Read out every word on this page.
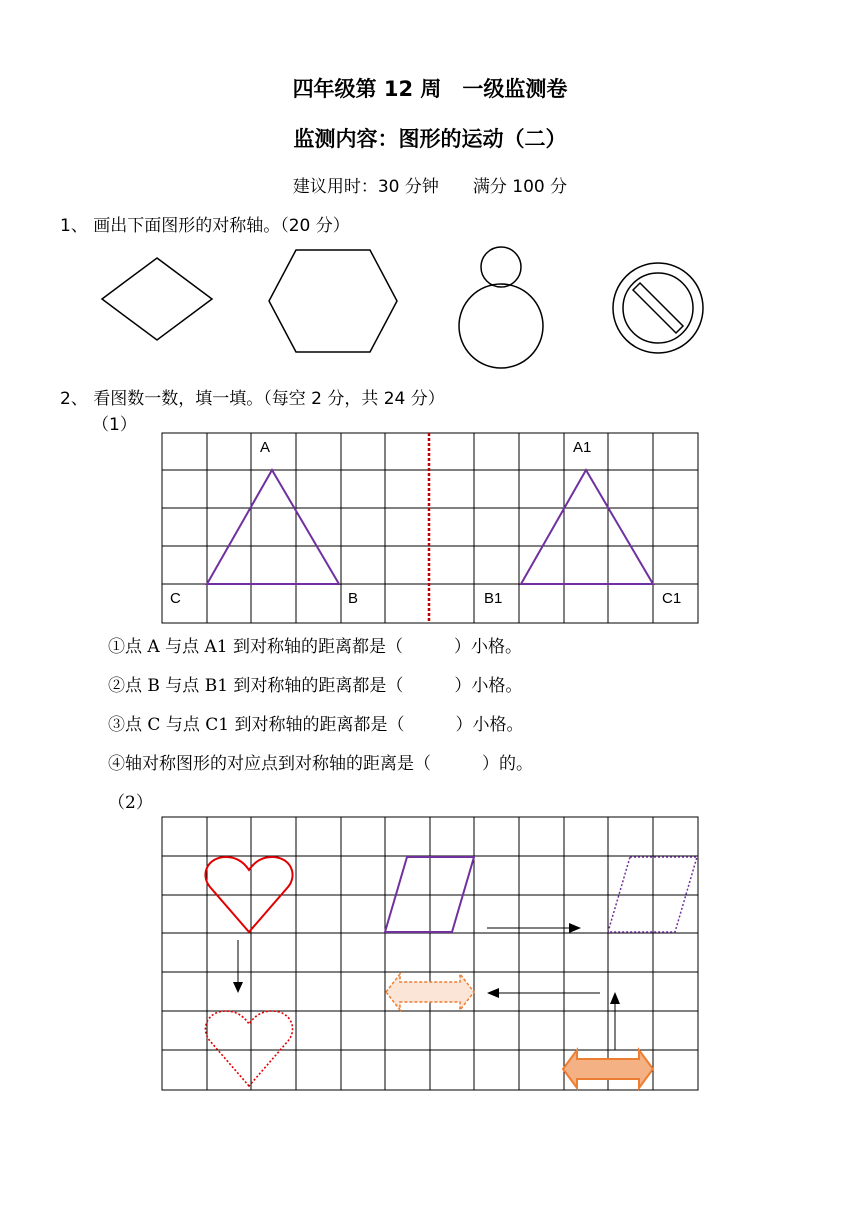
四年级第 12 周　一级监测卷
监测内容：图形的运动（二）
建议用时：30 分钟　　满分 100 分
1、 画出下面图形的对称轴。（20 分）
A
B
C
A1
B1	C1
2、 看图数一数，填一填。（每空 2 分，共 24 分）
（1）
①点 A 与点 A1 到对称轴的距离都是（　　　）小格。
②点 B 与点 B1 到对称轴的距离都是（　　　）小格。
③点 C 与点 C1 到对称轴的距离都是（　　　）小格。
④轴对称图形的对应点到对称轴的距离是（　　　）的。
（2）
